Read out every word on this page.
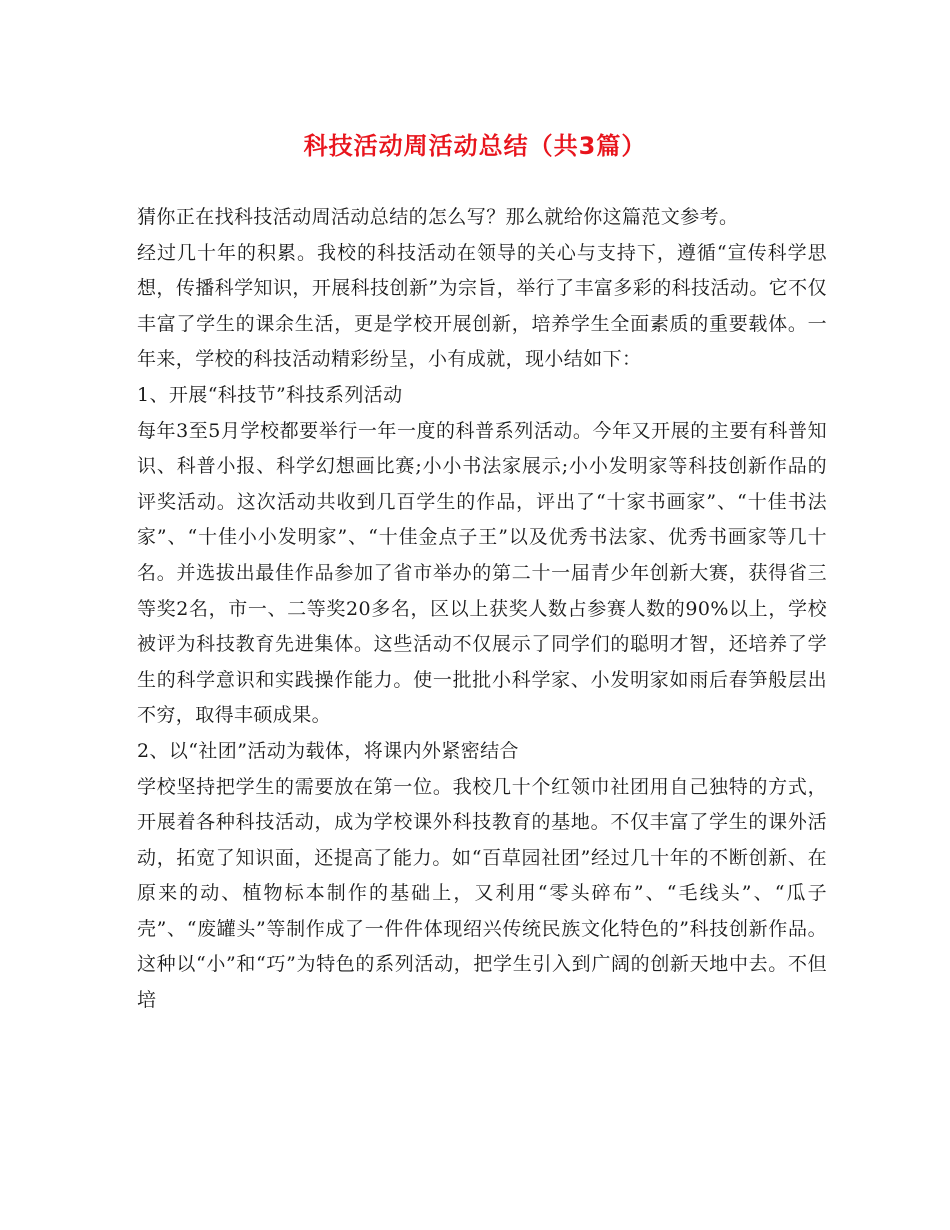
科技活动周活动总结（共3篇）

猜你正在找科技活动周活动总结的怎么写？那么就给你这篇范文参考。

经过几十年的积累。我校的科技活动在领导的关心与支持下，遵循“宣传科学思想，传播科学知识，开展科技创新”为宗旨，举行了丰富多彩的科技活动。它不仅丰富了学生的课余生活，更是学校开展创新，培养学生全面素质的重要载体。一年来，学校的科技活动精彩纷呈，小有成就，现小结如下：

1、开展“科技节”科技系列活动

每年3至5月学校都要举行一年一度的科普系列活动。今年又开展的主要有科普知识、科普小报、科学幻想画比赛;小小书法家展示;小小发明家等科技创新作品的评奖活动。这次活动共收到几百学生的作品，评出了“十家书画家”、“十佳书法家”、“十佳小小发明家”、“十佳金点子王”以及优秀书法家、优秀书画家等几十名。并选拔出最佳作品参加了省市举办的第二十一届青少年创新大赛，获得省三等奖2名，市一、二等奖20多名，区以上获奖人数占参赛人数的90%以上，学校被评为科技教育先进集体。这些活动不仅展示了同学们的聪明才智，还培养了学生的科学意识和实践操作能力。使一批批小科学家、小发明家如雨后春笋般层出不穷，取得丰硕成果。

2、以“社团”活动为载体，将课内外紧密结合

学校坚持把学生的需要放在第一位。我校几十个红领巾社团用自己独特的方式，开展着各种科技活动，成为学校课外科技教育的基地。不仅丰富了学生的课外活动，拓宽了知识面，还提高了能力。如“百草园社团”经过几十年的不断创新、在原来的动、植物标本制作的基础上，又利用“零头碎布”、“毛线头”、“瓜子壳”、“废罐头”等制作成了一件件体现绍兴传统民族文化特色的”科技创新作品。这种以“小”和“巧”为特色的系列活动，把学生引入到广阔的创新天地中去。不但培
